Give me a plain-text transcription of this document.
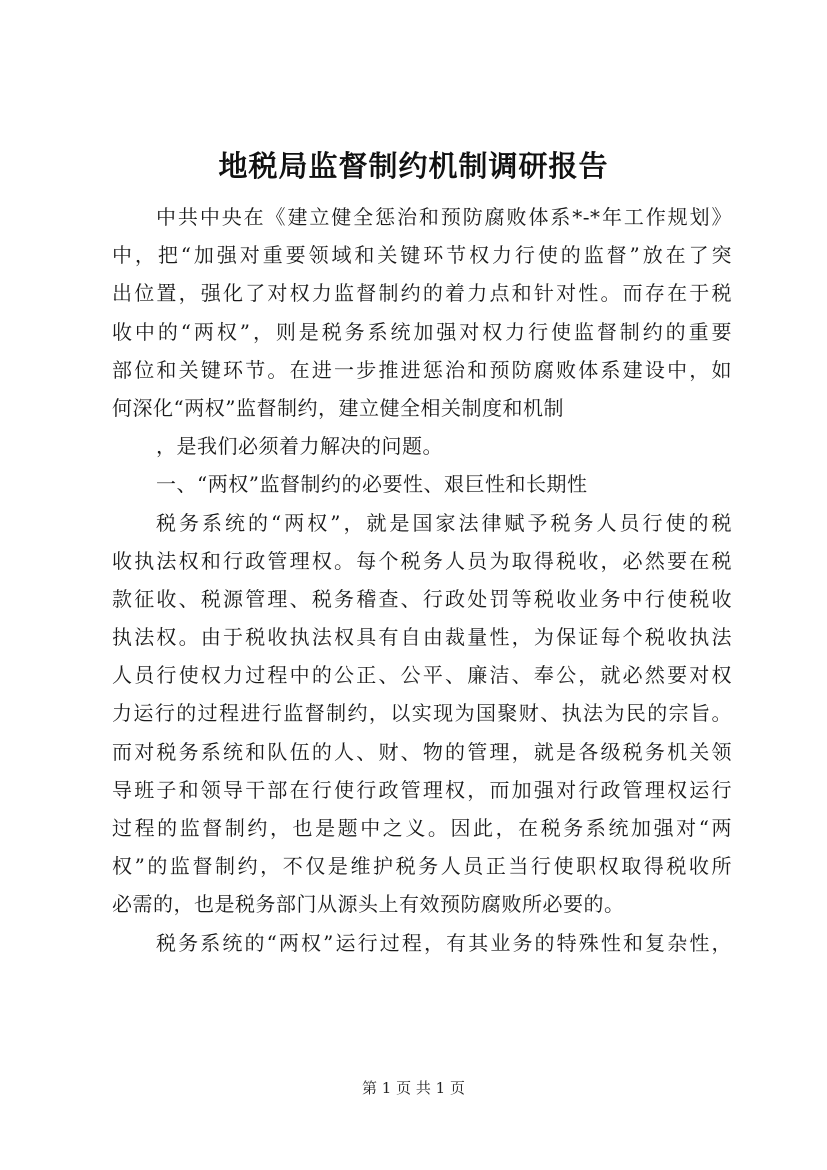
地税局监督制约机制调研报告
中共中央在《建立健全惩治和预防腐败体系*-*年工作规划》
中，把“加强对重要领域和关键环节权力行使的监督”放在了突
出位置，强化了对权力监督制约的着力点和针对性。而存在于税
收中的“两权”，则是税务系统加强对权力行使监督制约的重要
部位和关键环节。在进一步推进惩治和预防腐败体系建设中，如
何深化“两权”监督制约，建立健全相关制度和机制
，是我们必须着力解决的问题。
一、“两权”监督制约的必要性、艰巨性和长期性
税务系统的“两权”，就是国家法律赋予税务人员行使的税
收执法权和行政管理权。每个税务人员为取得税收，必然要在税
款征收、税源管理、税务稽查、行政处罚等税收业务中行使税收
执法权。由于税收执法权具有自由裁量性，为保证每个税收执法
人员行使权力过程中的公正、公平、廉洁、奉公，就必然要对权
力运行的过程进行监督制约，以实现为国聚财、执法为民的宗旨。
而对税务系统和队伍的人、财、物的管理，就是各级税务机关领
导班子和领导干部在行使行政管理权，而加强对行政管理权运行
过程的监督制约，也是题中之义。因此，在税务系统加强对“两
权”的监督制约，不仅是维护税务人员正当行使职权取得税收所
必需的，也是税务部门从源头上有效预防腐败所必要的。
税务系统的“两权”运行过程，有其业务的特殊性和复杂性，
第 1 页 共 1 页
